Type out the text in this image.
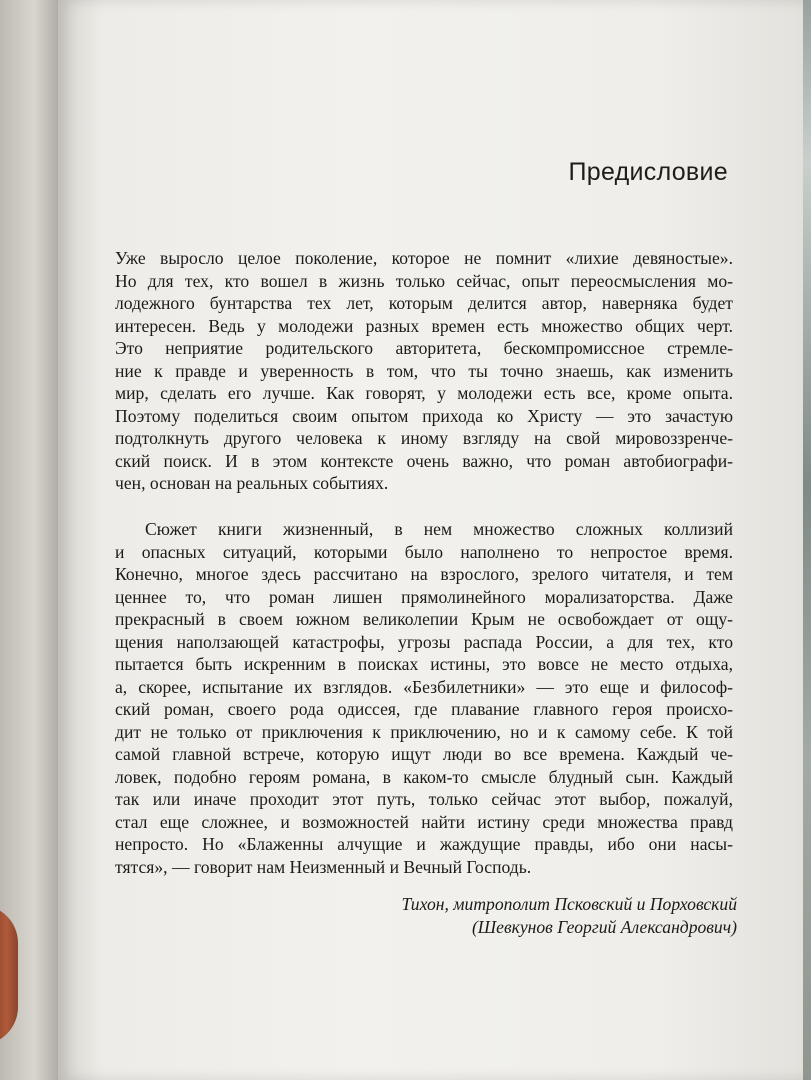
Предисловие
Уже выросло целое поколение, которое не помнит «лихие девяностые».
Но для тех, кто вошел в жизнь только сейчас, опыт переосмысления мо-
лодежного бунтарства тех лет, которым делится автор, наверняка будет
интересен. Ведь у молодежи разных времен есть множество общих черт.
Это неприятие родительского авторитета, бескомпромиссное стремле-
ние к правде и уверенность в том, что ты точно знаешь, как изменить
мир, сделать его лучше. Как говорят, у молодежи есть все, кроме опыта.
Поэтому поделиться своим опытом прихода ко Христу — это зачастую
подтолкнуть другого человека к иному взгляду на свой мировоззренче-
ский поиск. И в этом контексте очень важно, что роман автобиографи-
чен, основан на реальных событиях.
Сюжет книги жизненный, в нем множество сложных коллизий
и опасных ситуаций, которыми было наполнено то непростое время.
Конечно, многое здесь рассчитано на взрослого, зрелого читателя, и тем
ценнее то, что роман лишен прямолинейного морализаторства. Даже
прекрасный в своем южном великолепии Крым не освобождает от ощу-
щения наползающей катастрофы, угрозы распада России, а для тех, кто
пытается быть искренним в поисках истины, это вовсе не место отдыха,
а, скорее, испытание их взглядов. «Безбилетники» — это еще и философ-
ский роман, своего рода одиссея, где плавание главного героя происхо-
дит не только от приключения к приключению, но и к самому себе. К той
самой главной встрече, которую ищут люди во все времена. Каждый че-
ловек, подобно героям романа, в каком-то смысле блудный сын. Каждый
так или иначе проходит этот путь, только сейчас этот выбор, пожалуй,
стал еще сложнее, и возможностей найти истину среди множества правд
непросто. Но «Блаженны алчущие и жаждущие правды, ибо они насы-
тятся», — говорит нам Неизменный и Вечный Господь.
Тихон, митрополит Псковский и Порховский
(Шевкунов Георгий Александрович)
